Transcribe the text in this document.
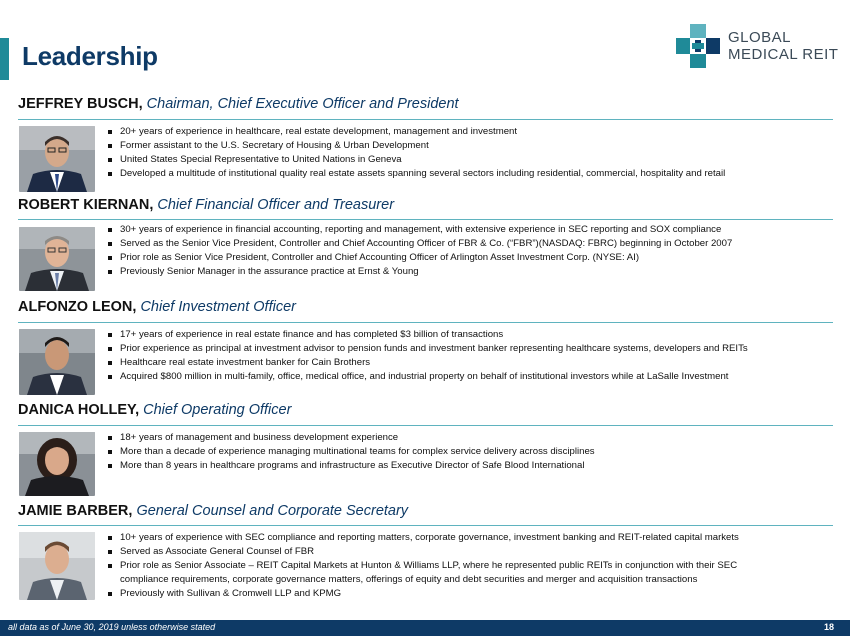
Leadership
GLOBAL
MEDICAL REIT
JEFFREY BUSCH, Chairman, Chief Executive Officer and President
20+ years of experience in healthcare, real estate development, management and investment
Former assistant to the U.S. Secretary of Housing & Urban Development
United States Special Representative to United Nations in Geneva
Developed a multitude of institutional quality real estate assets spanning several sectors including residential, commercial, hospitality and retail
ROBERT KIERNAN, Chief Financial Officer and Treasurer
30+ years of experience in financial accounting, reporting and management, with extensive experience in SEC reporting and SOX compliance
Served as the Senior Vice President, Controller and Chief Accounting Officer of FBR & Co. (“FBR”)(NASDAQ: FBRC) beginning in October 2007
Prior role as Senior Vice President, Controller and Chief Accounting Officer of Arlington Asset Investment Corp. (NYSE: AI)
Previously Senior Manager in the assurance practice at Ernst & Young
ALFONZO LEON, Chief Investment Officer
17+ years of experience in real estate finance and has completed $3 billion of transactions
Prior experience as principal at investment advisor to pension funds and investment banker representing healthcare systems, developers and REITs
Healthcare real estate investment banker for Cain Brothers
Acquired $800 million in multi-family, office, medical office, and industrial property on behalf of institutional investors while at LaSalle Investment
DANICA HOLLEY, Chief Operating Officer
18+ years of management and business development experience
More than a decade of experience managing multinational teams for complex service delivery across disciplines
More than 8 years in healthcare programs and infrastructure as Executive Director of Safe Blood International
JAMIE BARBER, General Counsel and Corporate Secretary
10+ years of experience with SEC compliance and reporting matters, corporate governance, investment banking and REIT-related capital markets
Served as Associate General Counsel of FBR
Prior role as Senior Associate – REIT Capital Markets at Hunton & Williams LLP, where he represented public REITs in conjunction with their SEC
compliance requirements, corporate governance matters, offerings of equity and debt securities and merger and acquisition transactions
Previously with Sullivan & Cromwell LLP and KPMG
all data as of June 30, 2019 unless otherwise stated	18
